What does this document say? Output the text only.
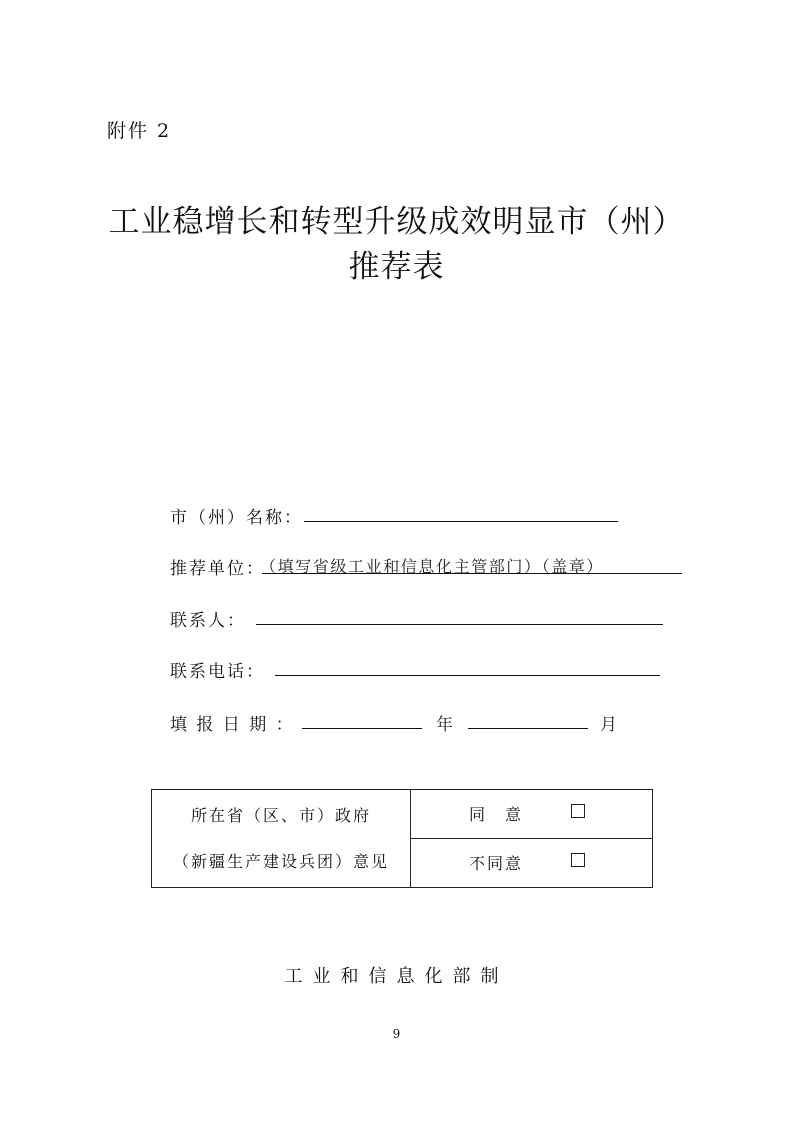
附件 2
工业稳增长和转型升级成效明显市（州）
推荐表
市（州）名称：
推荐单位：
（填写省级工业和信息化主管部门）（盖章）
联系人：
联系电话：
填 报 日 期 ：	年	月
所在省（区、市）政府
（新疆生产建设兵团）意见

同　意

不同意
工业和信息化部制
9
